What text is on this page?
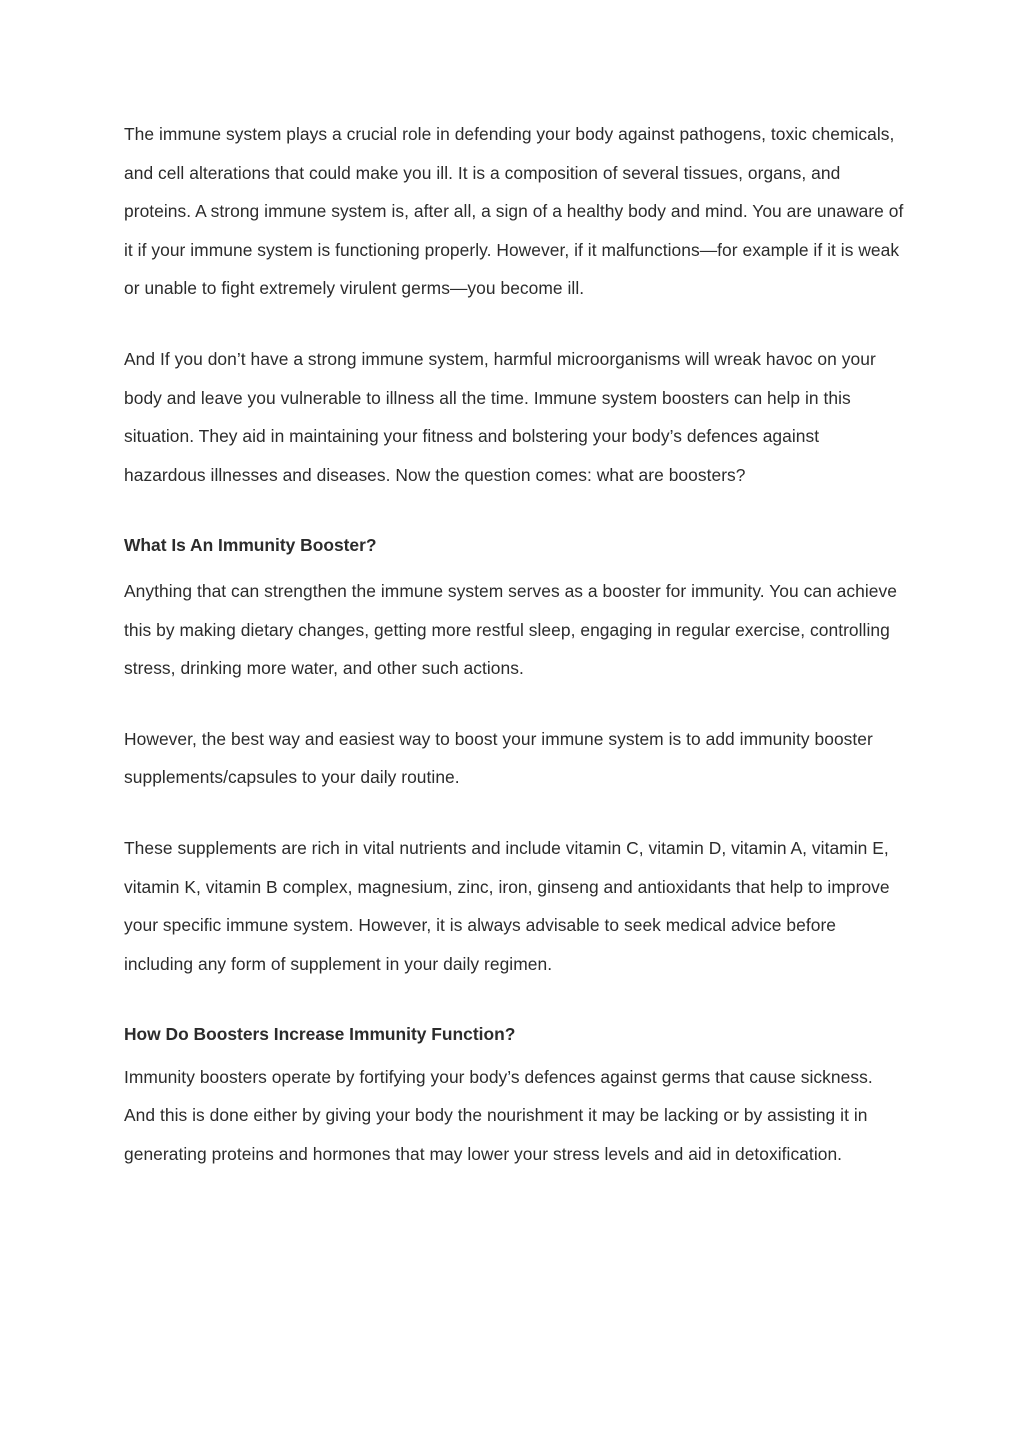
The immune system plays a crucial role in defending your body against pathogens, toxic chemicals, and cell alterations that could make you ill. It is a composition of several tissues, organs, and proteins. A strong immune system is, after all, a sign of a healthy body and mind. You are unaware of it if your immune system is functioning properly. However, if it malfunctions—for example if it is weak or unable to fight extremely virulent germs—you become ill.

And If you don’t have a strong immune system, harmful microorganisms will wreak havoc on your body and leave you vulnerable to illness all the time. Immune system boosters can help in this situation. They aid in maintaining your fitness and bolstering your body’s defences against hazardous illnesses and diseases. Now the question comes: what are boosters?

What Is An Immunity Booster?

Anything that can strengthen the immune system serves as a booster for immunity. You can achieve this by making dietary changes, getting more restful sleep, engaging in regular exercise, controlling stress, drinking more water, and other such actions.

However, the best way and easiest way to boost your immune system is to add immunity booster supplements/capsules to your daily routine.

These supplements are rich in vital nutrients and include vitamin C, vitamin D, vitamin A, vitamin E, vitamin K, vitamin B complex, magnesium, zinc, iron, ginseng and antioxidants that help to improve your specific immune system. However, it is always advisable to seek medical advice before including any form of supplement in your daily regimen.

How Do Boosters Increase Immunity Function?

Immunity boosters operate by fortifying your body’s defences against germs that cause sickness. And this is done either by giving your body the nourishment it may be lacking or by assisting it in generating proteins and hormones that may lower your stress levels and aid in detoxification.
